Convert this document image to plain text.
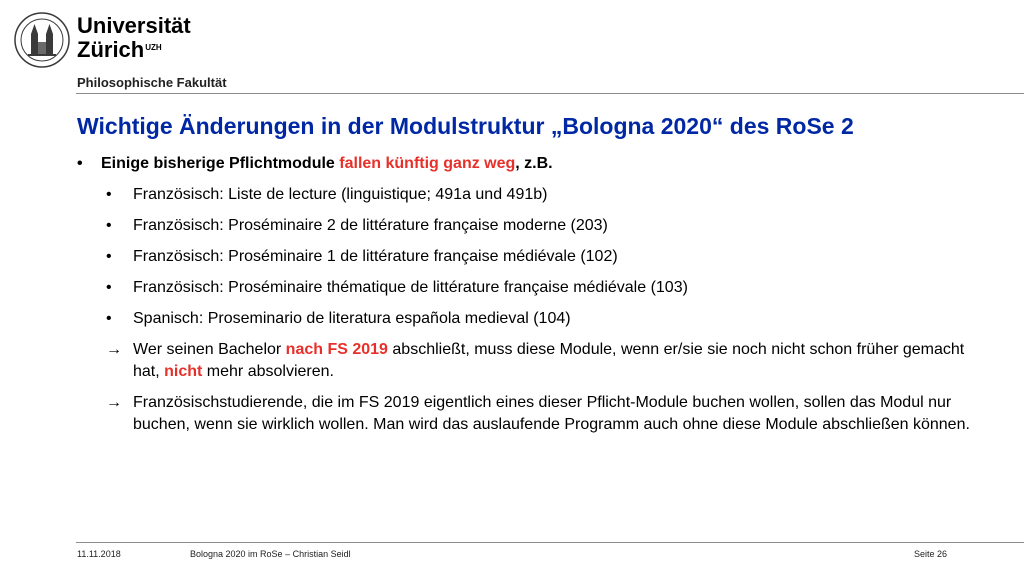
Universität
Zürich$^{UZH}$
Philosophische Fakultät
Wichtige Änderungen in der Modulstruktur „Bologna 2020“ des RoSe 2
• Einige bisherige Pflichtmodule fallen künftig ganz weg, z.B.
• Französisch: Liste de lecture (linguistique; 491a und 491b)
• Französisch: Proséminaire 2 de littérature française moderne (203)
• Französisch: Proséminaire 1 de littérature française médiévale (102)
• Französisch: Proséminaire thématique de littérature française médiévale (103)
• Spanisch: Proseminario de literatura española medieval (104)
→ Wer seinen Bachelor nach FS 2019 abschließt, muss diese Module, wenn er/sie sie noch nicht schon früher gemacht hat, nicht mehr absolvieren.
→ Französischstudierende, die im FS 2019 eigentlich eines dieser Pflicht-Module buchen wollen, sollen das Modul nur buchen, wenn sie wirklich wollen. Man wird das auslaufende Programm auch ohne diese Module abschließen können.
11.11.2018	Bologna 2020 im RoSe – Christian Seidl	Seite 26
